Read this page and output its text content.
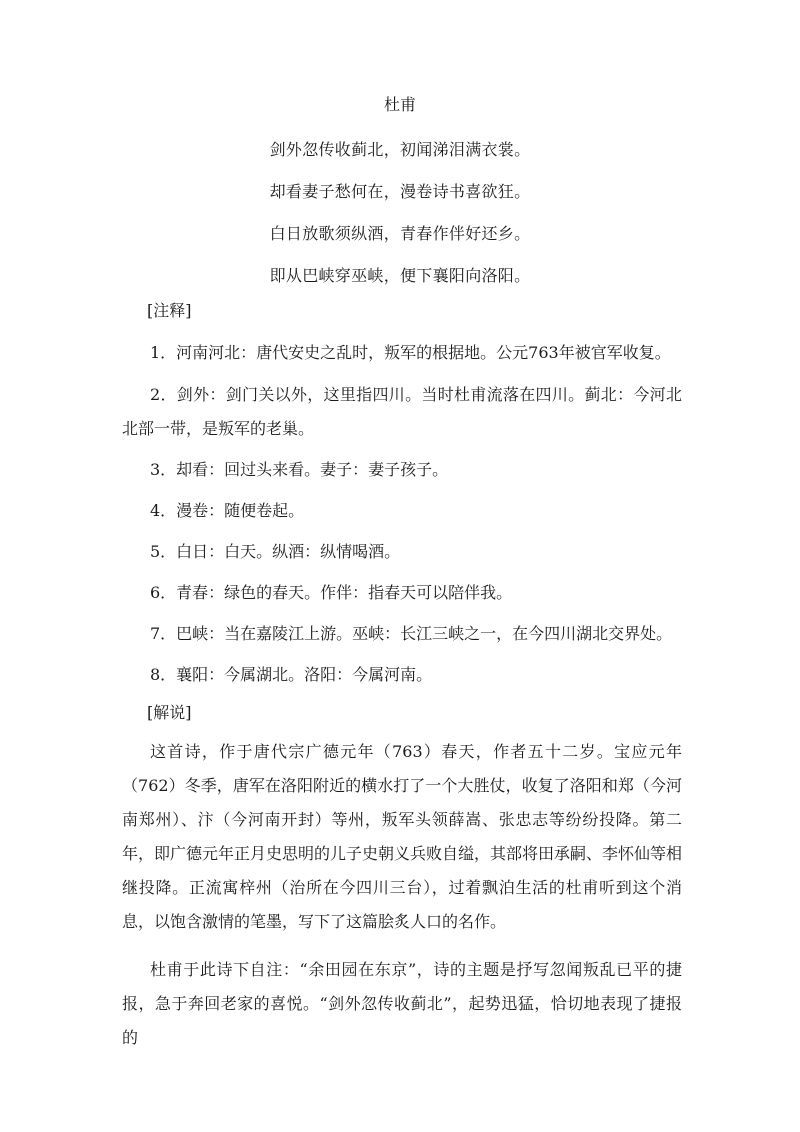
杜甫
剑外忽传收蓟北，初闻涕泪满衣裳。
却看妻子愁何在，漫卷诗书喜欲狂。
白日放歌须纵酒，青春作伴好还乡。
即从巴峡穿巫峡，便下襄阳向洛阳。
[注释]
1．河南河北：唐代安史之乱时，叛军的根据地。公元763年被官军收复。
2．剑外：剑门关以外，这里指四川。当时杜甫流落在四川。蓟北：今河北北部一带，是叛军的老巢。
3．却看：回过头来看。妻子：妻子孩子。
4．漫卷：随便卷起。
5．白日：白天。纵酒：纵情喝酒。
6．青春：绿色的春天。作伴：指春天可以陪伴我。
7．巴峡：当在嘉陵江上游。巫峡：长江三峡之一，在今四川湖北交界处。
8．襄阳：今属湖北。洛阳：今属河南。
[解说]
这首诗，作于唐代宗广德元年（763）春天，作者五十二岁。宝应元年（762）冬季，唐军在洛阳附近的横水打了一个大胜仗，收复了洛阳和郑（今河南郑州）、汴（今河南开封）等州，叛军头领薛嵩、张忠志等纷纷投降。第二年，即广德元年正月史思明的儿子史朝义兵败自缢，其部将田承嗣、李怀仙等相继投降。正流寓梓州（治所在今四川三台），过着飘泊生活的杜甫听到这个消息，以饱含激情的笔墨，写下了这篇脍炙人口的名作。
杜甫于此诗下自注：“余田园在东京”，诗的主题是抒写忽闻叛乱已平的捷报，急于奔回老家的喜悦。“剑外忽传收蓟北”，起势迅猛，恰切地表现了捷报的
